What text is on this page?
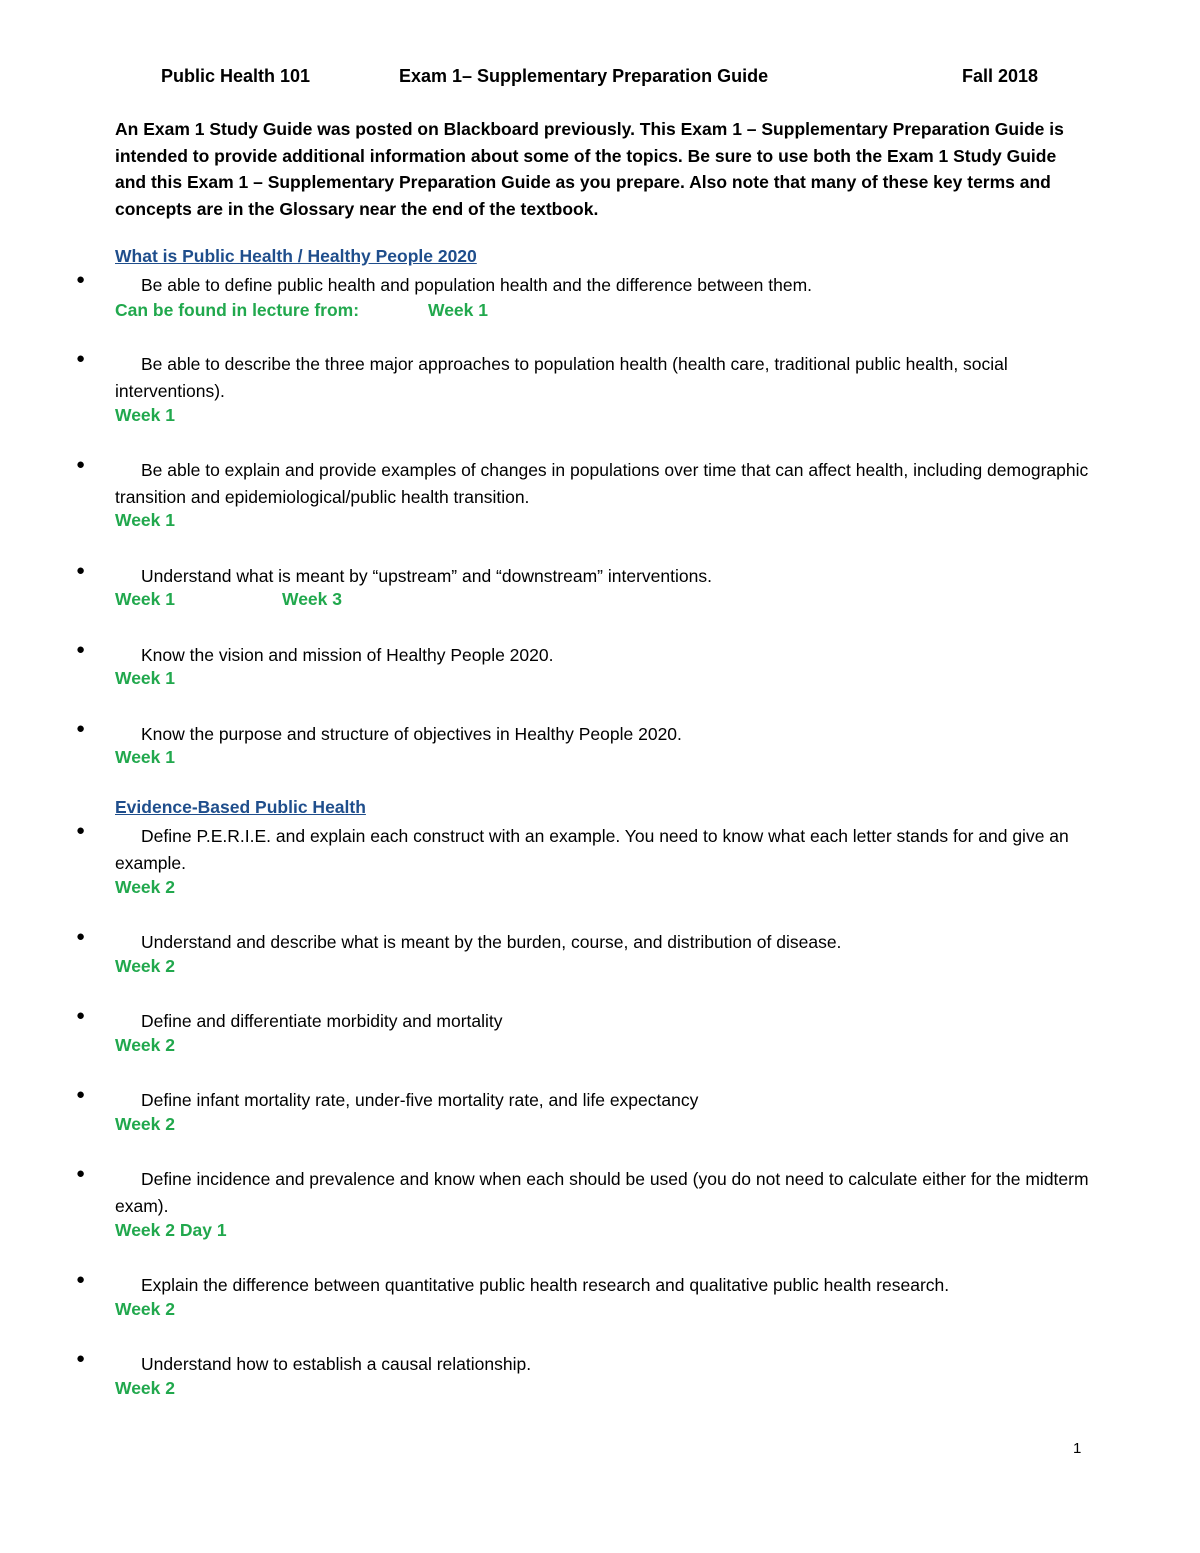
Public Health 101	Exam 1– Supplementary Preparation Guide	Fall 2018
An Exam 1 Study Guide was posted on Blackboard previously. This Exam 1 – Supplementary Preparation Guide is intended to provide additional information about some of the topics. Be sure to use both the Exam 1 Study Guide and this Exam 1 – Supplementary Preparation Guide as you prepare. Also note that many of these key terms and concepts are in the Glossary near the end of the textbook.
What is Public Health / Healthy People 2020
●	Be able to define public health and population health and the difference between them.
Can be found in lecture from:	Week 1
●	Be able to describe the three major approaches to population health (health care, traditional public health, social interventions).
Week 1
●	Be able to explain and provide examples of changes in populations over time that can affect health, including demographic transition and epidemiological/public health transition.
Week 1
●	Understand what is meant by “upstream” and “downstream” interventions.
Week 1	Week 3
●	Know the vision and mission of Healthy People 2020.
Week 1
●	Know the purpose and structure of objectives in Healthy People 2020.
Week 1
Evidence-Based Public Health
●	Define P.E.R.I.E. and explain each construct with an example. You need to know what each letter stands for and give an example.
Week 2
●	Understand and describe what is meant by the burden, course, and distribution of disease.
Week 2
●	Define and differentiate morbidity and mortality
Week 2
●	Define infant mortality rate, under-five mortality rate, and life expectancy
Week 2
●	Define incidence and prevalence and know when each should be used (you do not need to calculate either for the midterm exam).
Week 2 Day 1
●	Explain the difference between quantitative public health research and qualitative public health research.
Week 2
●	Understand how to establish a causal relationship.
Week 2
1
